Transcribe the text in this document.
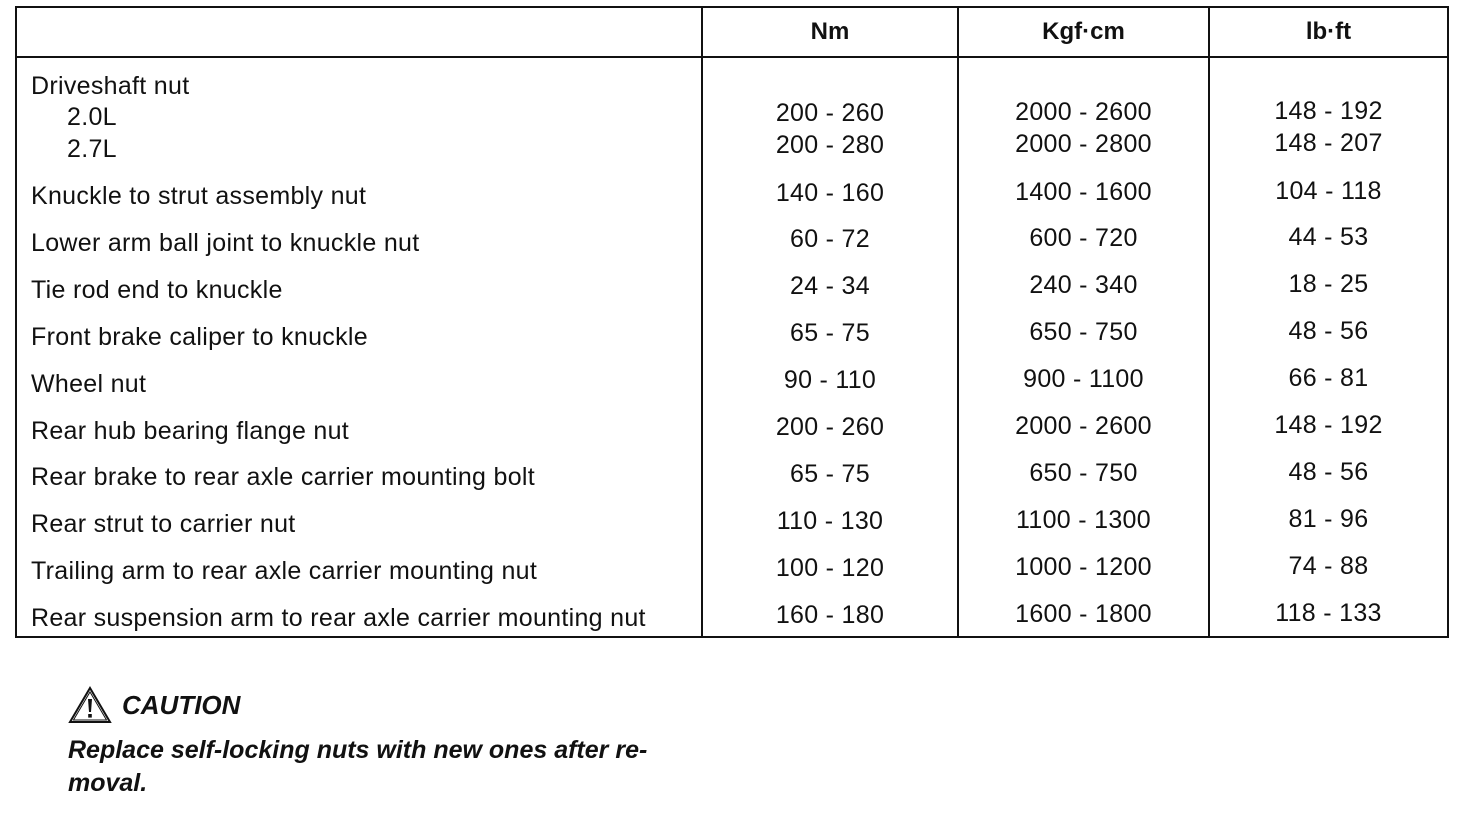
Nm	Kgf·cm	lb·ft
Driveshaft nut
2.0L
2.7L
Knuckle to strut assembly nut
Lower arm ball joint to knuckle nut
Tie rod end to knuckle
Front brake caliper to knuckle
Wheel nut
Rear hub bearing flange nut
Rear brake to rear axle carrier mounting bolt
Rear strut to carrier nut
Trailing arm to rear axle carrier mounting nut
Rear suspension arm to rear axle carrier mounting nut
200 - 260
200 - 280
140 - 160
60 - 72
24 - 34
65 - 75
90 - 110
200 - 260
65 - 75
110 - 130
100 - 120
160 - 180
2000 - 2600
2000 - 2800
1400 - 1600
600 - 720
240 - 340
650 - 750
900 - 1100
2000 - 2600
650 - 750
1100 - 1300
1000 - 1200
1600 - 1800
148 - 192
148 - 207
104 - 118
44 - 53
18 - 25
48 - 56
66 - 81
148 - 192
48 - 56
81 - 96
74 - 88
118 - 133
CAUTION
Replace self-locking nuts with new ones after re-
moval.
